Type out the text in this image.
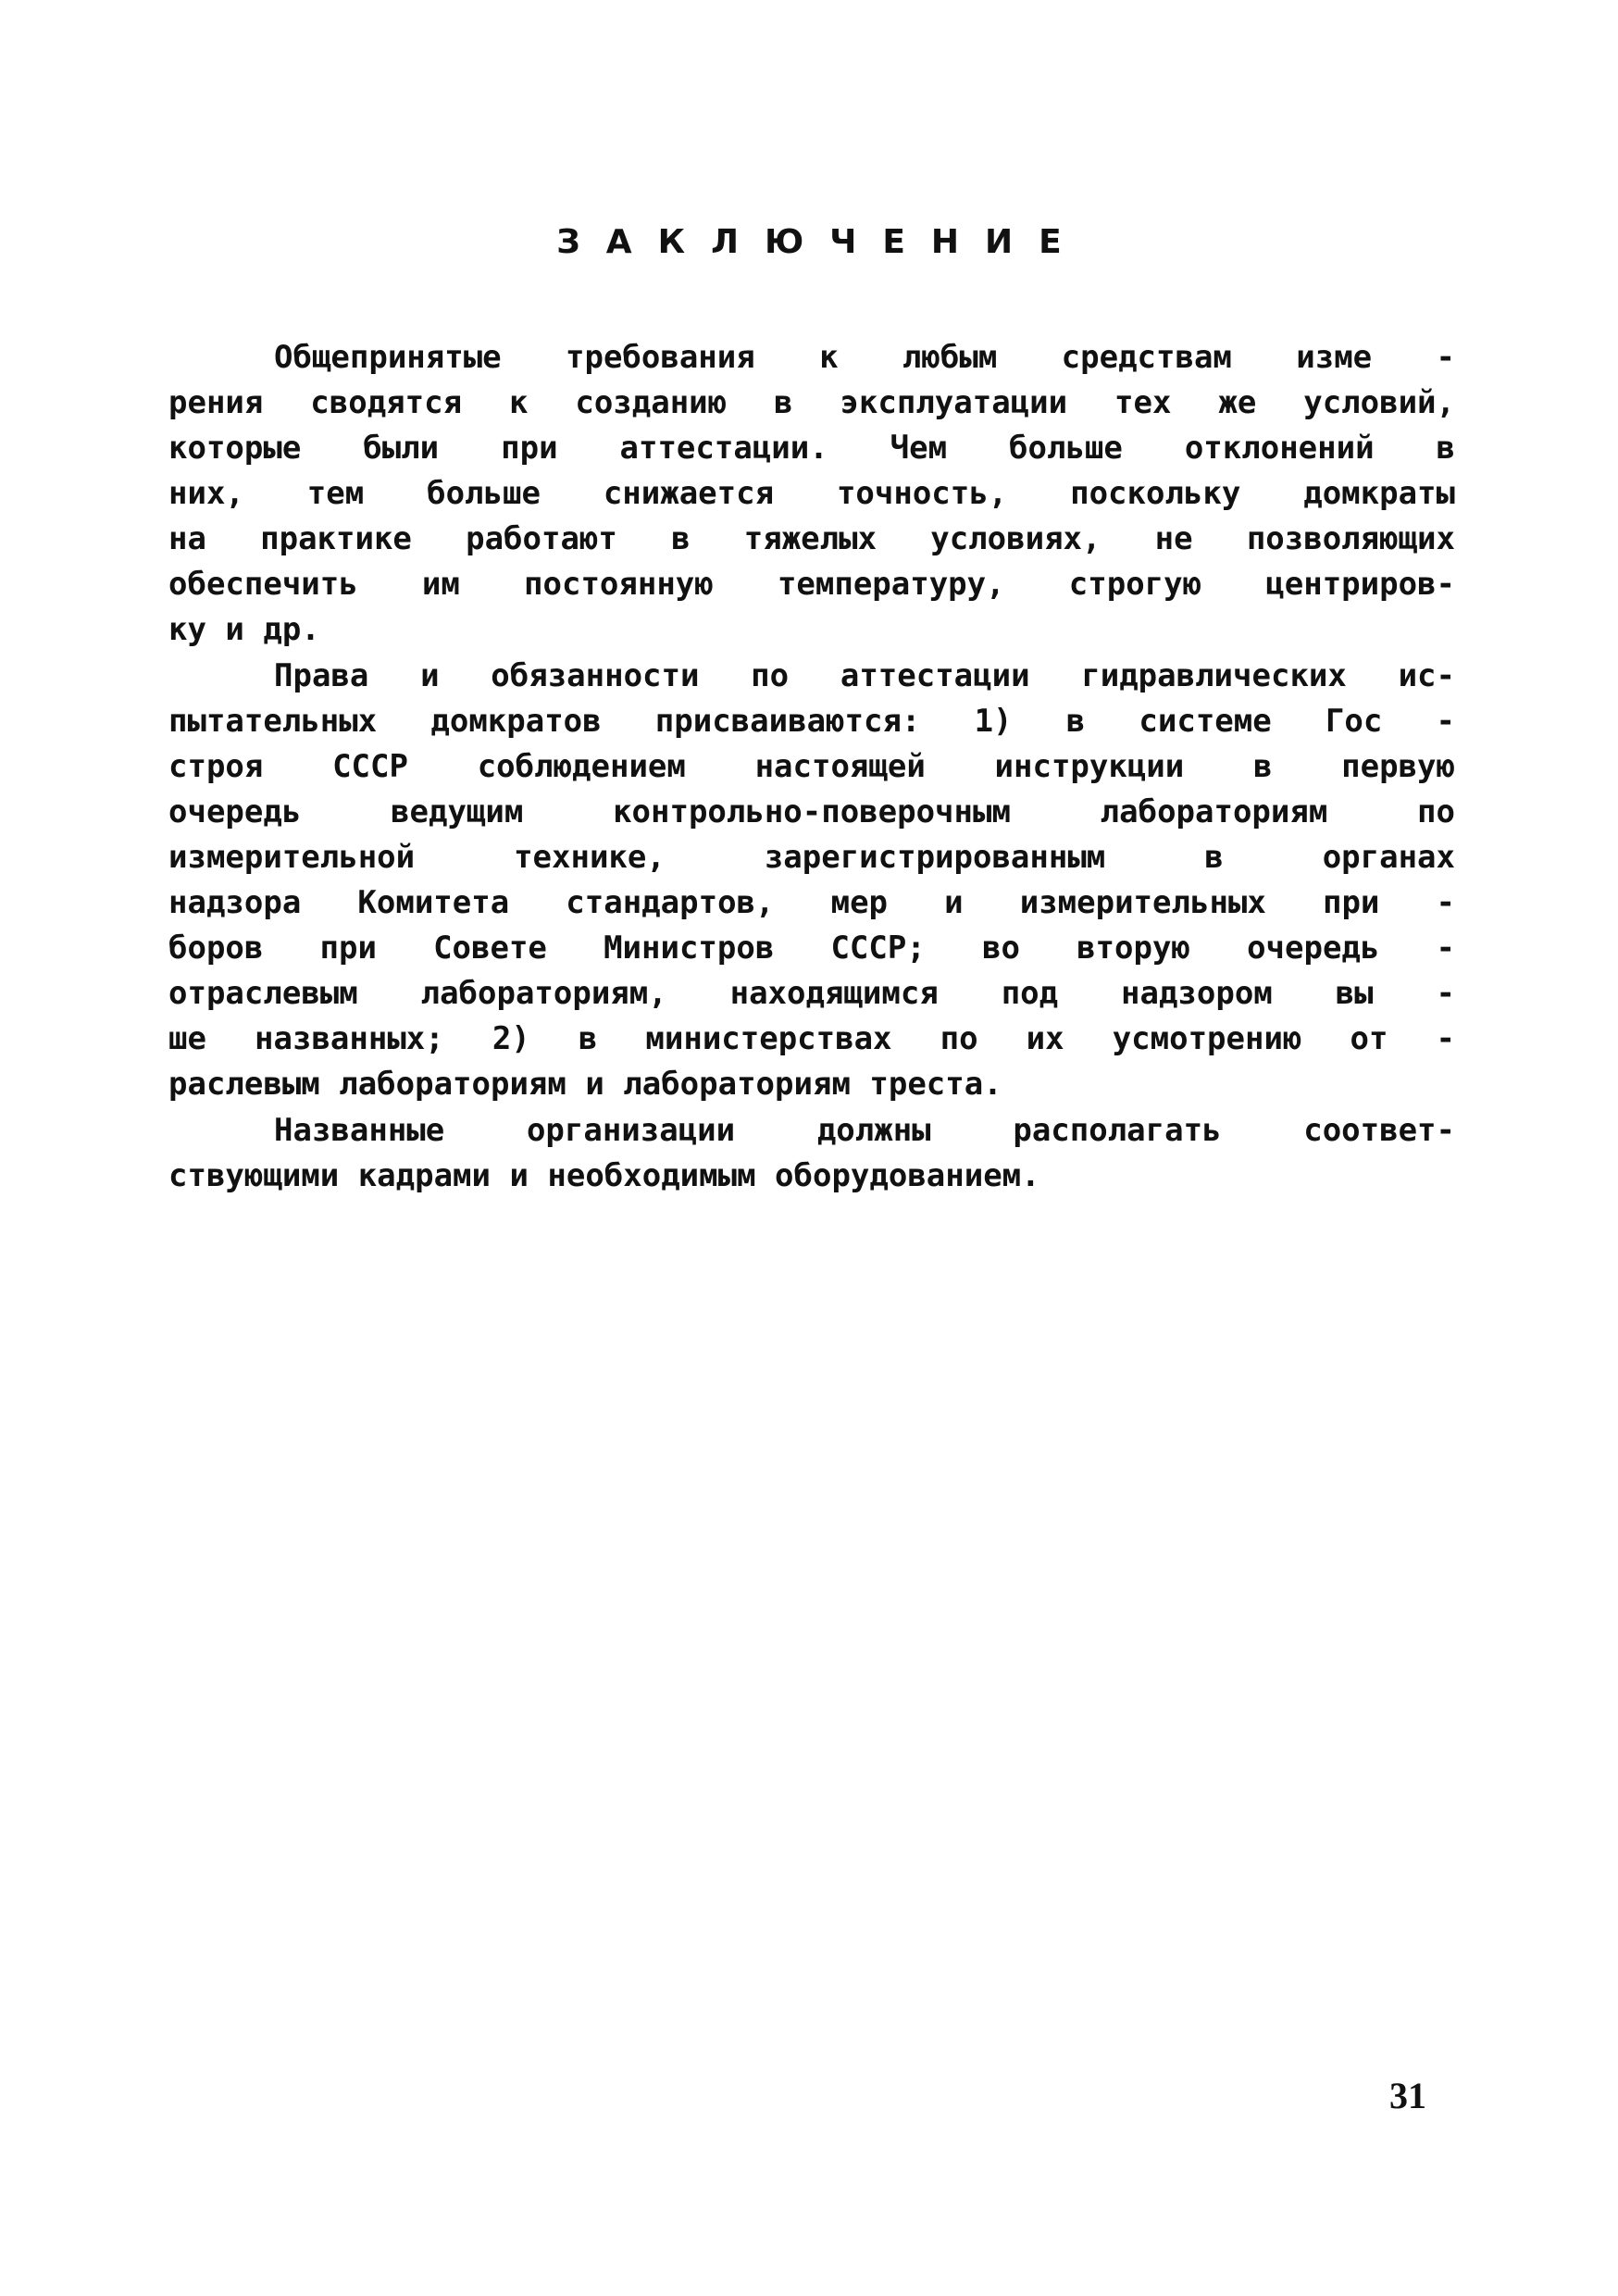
ЗАКЛЮЧЕНИЕ
Общепринятые требования к любым средствам изме -
рения сводятся к созданию в эксплуатации тех же условий,
которые были при аттестации. Чем больше отклонений в
них, тем больше снижается точность, поскольку домкраты
на практике работают в тяжелых условиях, не позволяющих
обеспечить им постоянную температуру, строгую центриров-
ку и др.
Права и обязанности по аттестации гидравлических ис-
пытательных домкратов присваиваются: 1) в системе Гос -
строя СССР соблюдением настоящей инструкции в первую
очередь ведущим контрольно-поверочным лабораториям по
измерительной технике, зарегистрированным в органах
надзора Комитета стандартов, мер и измерительных при -
боров при Совете Министров СССР; во вторую очередь -
отраслевым лабораториям, находящимся под надзором вы -
ше названных; 2) в министерствах по их усмотрению от -
раслевым лабораториям и лабораториям треста.
Названные организации должны располагать соответ-
ствующими кадрами и необходимым оборудованием.
31
